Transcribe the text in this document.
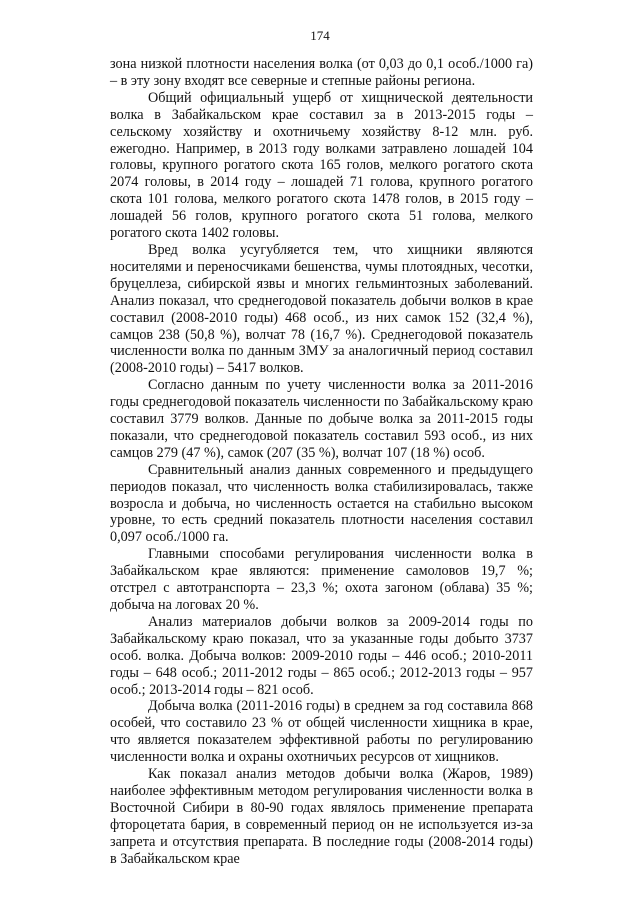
174

зона низкой плотности населения волка (от 0,03 до 0,1 особ./1000 га) – в эту зону входят все северные и степные районы региона.

Общий официальный ущерб от хищнической деятельности волка в Забайкальском крае составил за в 2013-2015 годы – сельскому хозяйству и охотничьему хозяйству 8-12 млн. руб. ежегодно. Например, в 2013 году волками затравлено лошадей 104 головы, крупного рогатого скота 165 голов, мелкого рогатого скота 2074 головы, в 2014 году – лошадей 71 голова, крупного рогатого скота 101 голова, мелкого рогатого скота 1478 голов, в 2015 году – лошадей 56 голов, крупного рогатого скота 51 голова, мелкого рогатого скота 1402 головы.

Вред волка усугубляется тем, что хищники являются носителями и переносчиками бешенства, чумы плотоядных, чесотки, бруцеллеза, сибирской язвы и многих гельминтозных заболеваний. Анализ показал, что среднегодовой показатель добычи волков в крае составил (2008-2010 годы) 468 особ., из них самок 152 (32,4 %), самцов 238 (50,8 %), волчат 78 (16,7 %). Среднегодовой показатель численности волка по данным ЗМУ за аналогичный период составил (2008-2010 годы) – 5417 волков.

Согласно данным по учету численности волка за 2011-2016 годы среднегодовой показатель численности по Забайкальскому краю составил 3779 волков. Данные по добыче волка за 2011-2015 годы показали, что среднегодовой показатель составил 593 особ., из них самцов 279 (47 %), самок (207 (35 %), волчат 107 (18 %) особ.

Сравнительный анализ данных современного и предыдущего периодов показал, что численность волка стабилизировалась, также возросла и добыча, но численность остается на стабильно высоком уровне, то есть средний показатель плотности населения составил 0,097 особ./1000 га.

Главными способами регулирования численности волка в Забайкальском крае являются: применение самоловов 19,7 %; отстрел с автотранспорта – 23,3 %; охота загоном (облава) 35 %; добыча на логовах 20 %.

Анализ материалов добычи волков за 2009-2014 годы по Забайкальскому краю показал, что за указанные годы добыто 3737 особ. волка. Добыча волков: 2009-2010 годы – 446 особ.; 2010-2011 годы – 648 особ.; 2011-2012 годы – 865 особ.; 2012-2013 годы – 957 особ.; 2013-2014 годы – 821 особ.

Добыча волка (2011-2016 годы) в среднем за год составила 868 особей, что составило 23 % от общей численности хищника в крае, что является показателем эффективной работы по регулированию численности волка и охраны охотничьих ресурсов от хищников.

Как показал анализ методов добычи волка (Жаров, 1989) наиболее эффективным методом регулирования численности волка в Восточной Сибири в 80-90 годах являлось применение препарата фтороцетата бария, в современный период он не используется из-за запрета и отсутствия препарата. В последние годы (2008-2014 годы) в Забайкальском крае
